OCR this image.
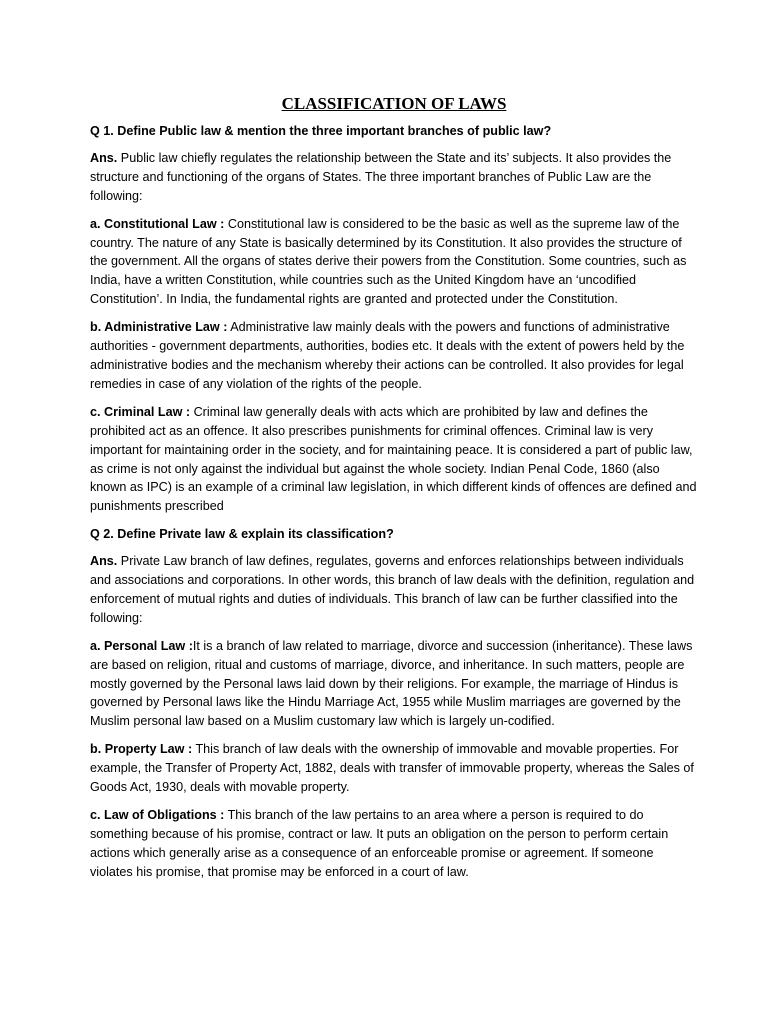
CLASSIFICATION OF LAWS
Q 1. Define Public law & mention the three important branches of public law?

Ans. Public law chiefly regulates the relationship between the State and its’ subjects. It also provides the structure and functioning of the organs of States. The three important branches of Public Law are the following:

a. Constitutional Law : Constitutional law is considered to be the basic as well as the supreme law of the country. The nature of any State is basically determined by its Constitution. It also provides the structure of the government. All the organs of states derive their powers from the Constitution. Some countries, such as India, have a written Constitution, while countries such as the United Kingdom have an ‘uncodified Constitution’. In India, the fundamental rights are granted and protected under the Constitution.

b. Administrative Law : Administrative law mainly deals with the powers and functions of administrative authorities - government departments, authorities, bodies etc. It deals with the extent of powers held by the administrative bodies and the mechanism whereby their actions can be controlled. It also provides for legal remedies in case of any violation of the rights of the people.

c. Criminal Law : Criminal law generally deals with acts which are prohibited by law and defines the prohibited act as an offence. It also prescribes punishments for criminal offences. Criminal law is very important for maintaining order in the society, and for maintaining peace. It is considered a part of public law, as crime is not only against the individual but against the whole society. Indian Penal Code, 1860 (also known as IPC) is an example of a criminal law legislation, in which different kinds of offences are defined and punishments prescribed

Q 2. Define Private law & explain its classification?

Ans. Private Law branch of law defines, regulates, governs and enforces relationships between individuals and associations and corporations. In other words, this branch of law deals with the definition, regulation and enforcement of mutual rights and duties of individuals. This branch of law can be further classified into the following:

a. Personal Law :It is a branch of law related to marriage, divorce and succession (inheritance). These laws are based on religion, ritual and customs of marriage, divorce, and inheritance. In such matters, people are mostly governed by the Personal laws laid down by their religions. For example, the marriage of Hindus is governed by Personal laws like the Hindu Marriage Act, 1955 while Muslim marriages are governed by the Muslim personal law based on a Muslim customary law which is largely un-codified.

b. Property Law : This branch of law deals with the ownership of immovable and movable properties. For example, the Transfer of Property Act, 1882, deals with transfer of immovable property, whereas the Sales of Goods Act, 1930, deals with movable property.

c. Law of Obligations : This branch of the law pertains to an area where a person is required to do something because of his promise, contract or law. It puts an obligation on the person to perform certain actions which generally arise as a consequence of an enforceable promise or agreement. If someone violates his promise, that promise may be enforced in a court of law.
